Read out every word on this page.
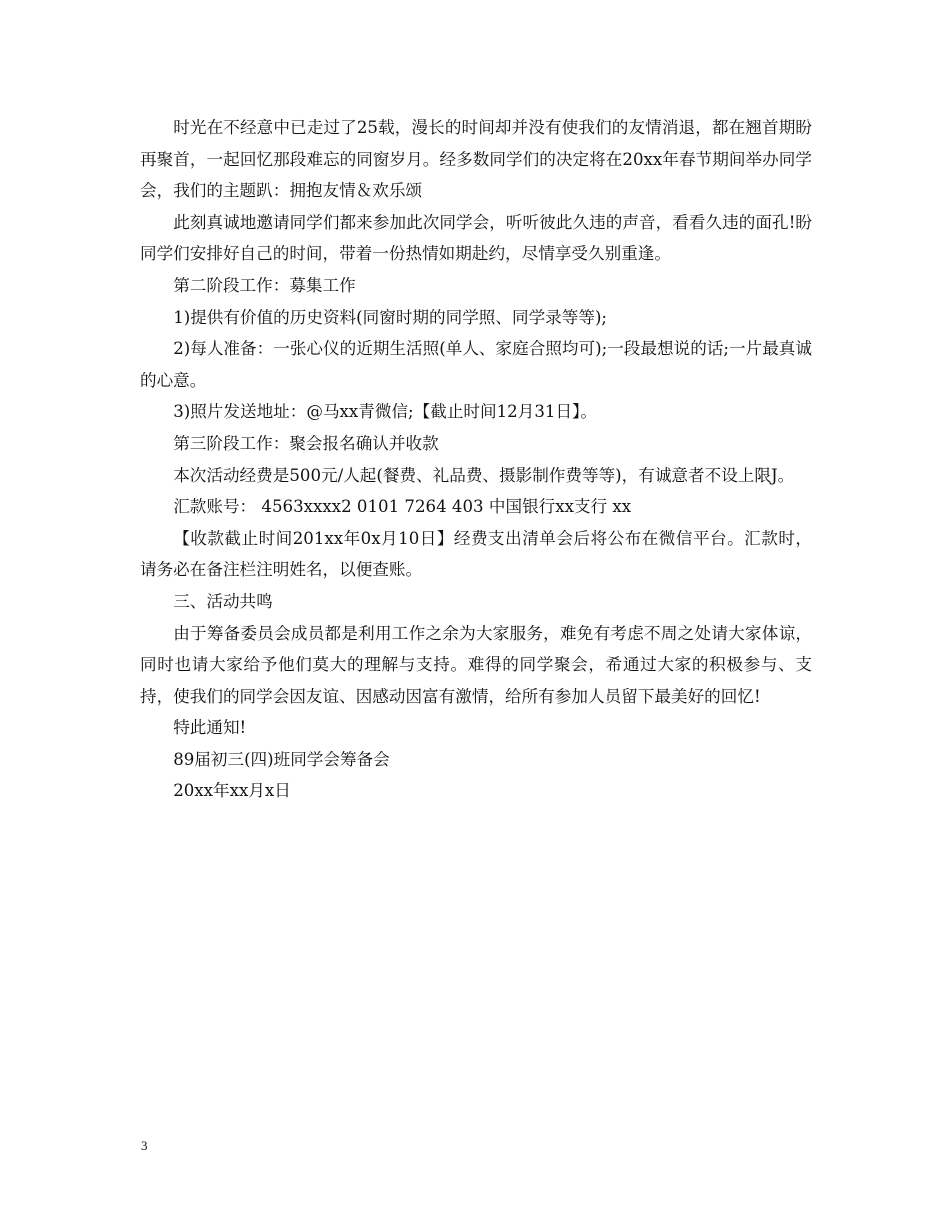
时光在不经意中已走过了25载，漫长的时间却并没有使我们的友情消退，都在翘首期盼再聚首，一起回忆那段难忘的同窗岁月。经多数同学们的决定将在20xx年春节期间举办同学会，我们的主题趴：拥抱友情＆欢乐颂

此刻真诚地邀请同学们都来参加此次同学会，听听彼此久违的声音，看看久违的面孔!盼同学们安排好自己的时间，带着一份热情如期赴约，尽情享受久别重逢。

第二阶段工作：募集工作

1)提供有价值的历史资料(同窗时期的同学照、同学录等等);

2)每人准备：一张心仪的近期生活照(单人、家庭合照均可);一段最想说的话;一片最真诚的心意。

3)照片发送地址：@马xx青微信;【截止时间12月31日】。

第三阶段工作：聚会报名确认并收款

本次活动经费是500元/人起(餐费、礼品费、摄影制作费等等)，有诚意者不设上限J。

汇款账号： 4563xxxx2 0101 7264 403 中国银行xx支行 xx

【收款截止时间201xx年0x月10日】经费支出清单会后将公布在微信平台。汇款时，请务必在备注栏注明姓名，以便查账。

三、活动共鸣

由于筹备委员会成员都是利用工作之余为大家服务，难免有考虑不周之处请大家体谅，同时也请大家给予他们莫大的理解与支持。难得的同学聚会，希通过大家的积极参与、支持，使我们的同学会因友谊、因感动因富有激情，给所有参加人员留下最美好的回忆!

特此通知!

89届初三(四)班同学会筹备会

20xx年xx月x日

3
